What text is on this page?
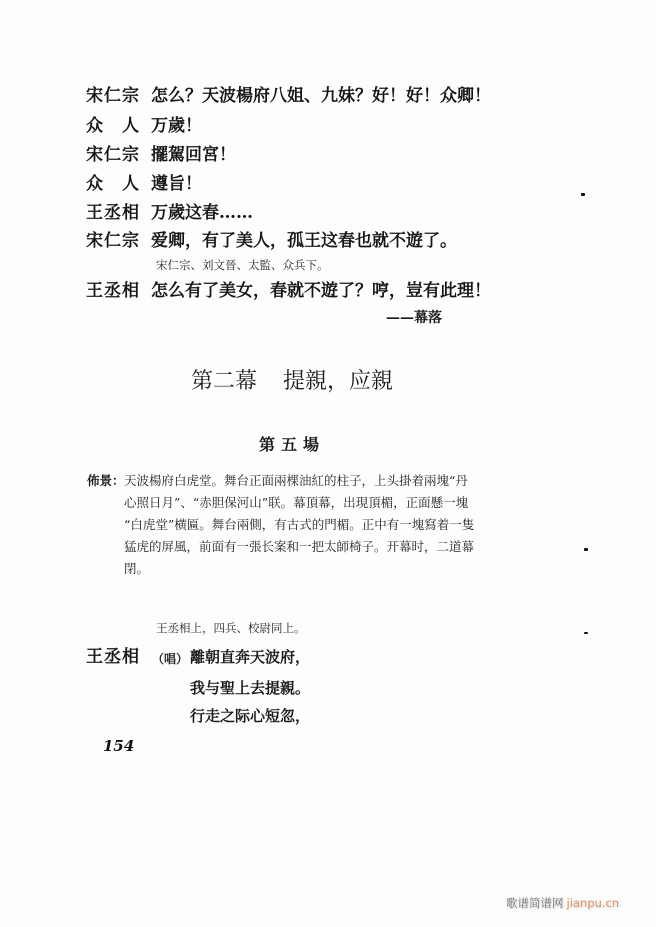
宋仁宗 怎么？天波楊府八姐、九妹？好！好！众卿！
众　人 万歲！
宋仁宗 擺駕回宮！
众　人 遵旨！
王丞相 万歲这春……
宋仁宗 爱卿，有了美人，孤王这春也就不遊了。
宋仁宗、刘文晉、太監、众兵下。
王丞相 怎么有了美女，春就不遊了？哼，豈有此理！
——幕落
第二幕 提親，应親
第五場
佈景： 天波楊府白虎堂。舞台正面兩棵油紅的柱子，上头掛着兩塊“丹
心照日月”、“赤胆保河山”联。幕頂幕，出現頂楣，正面懸一塊
“白虎堂”横匾。舞台兩側，有古式的門楣。正中有一塊寫着一隻
猛虎的屏風，前面有一張长案和一把太師椅子。开幕时，二道幕
閉。
王丞相上，四兵、校尉同上。
王丞相	（唱） 離朝直奔天波府，
我与聖上去提親。
行走之际心短忽，
154
歌谱简谱网 jianpu.cn
